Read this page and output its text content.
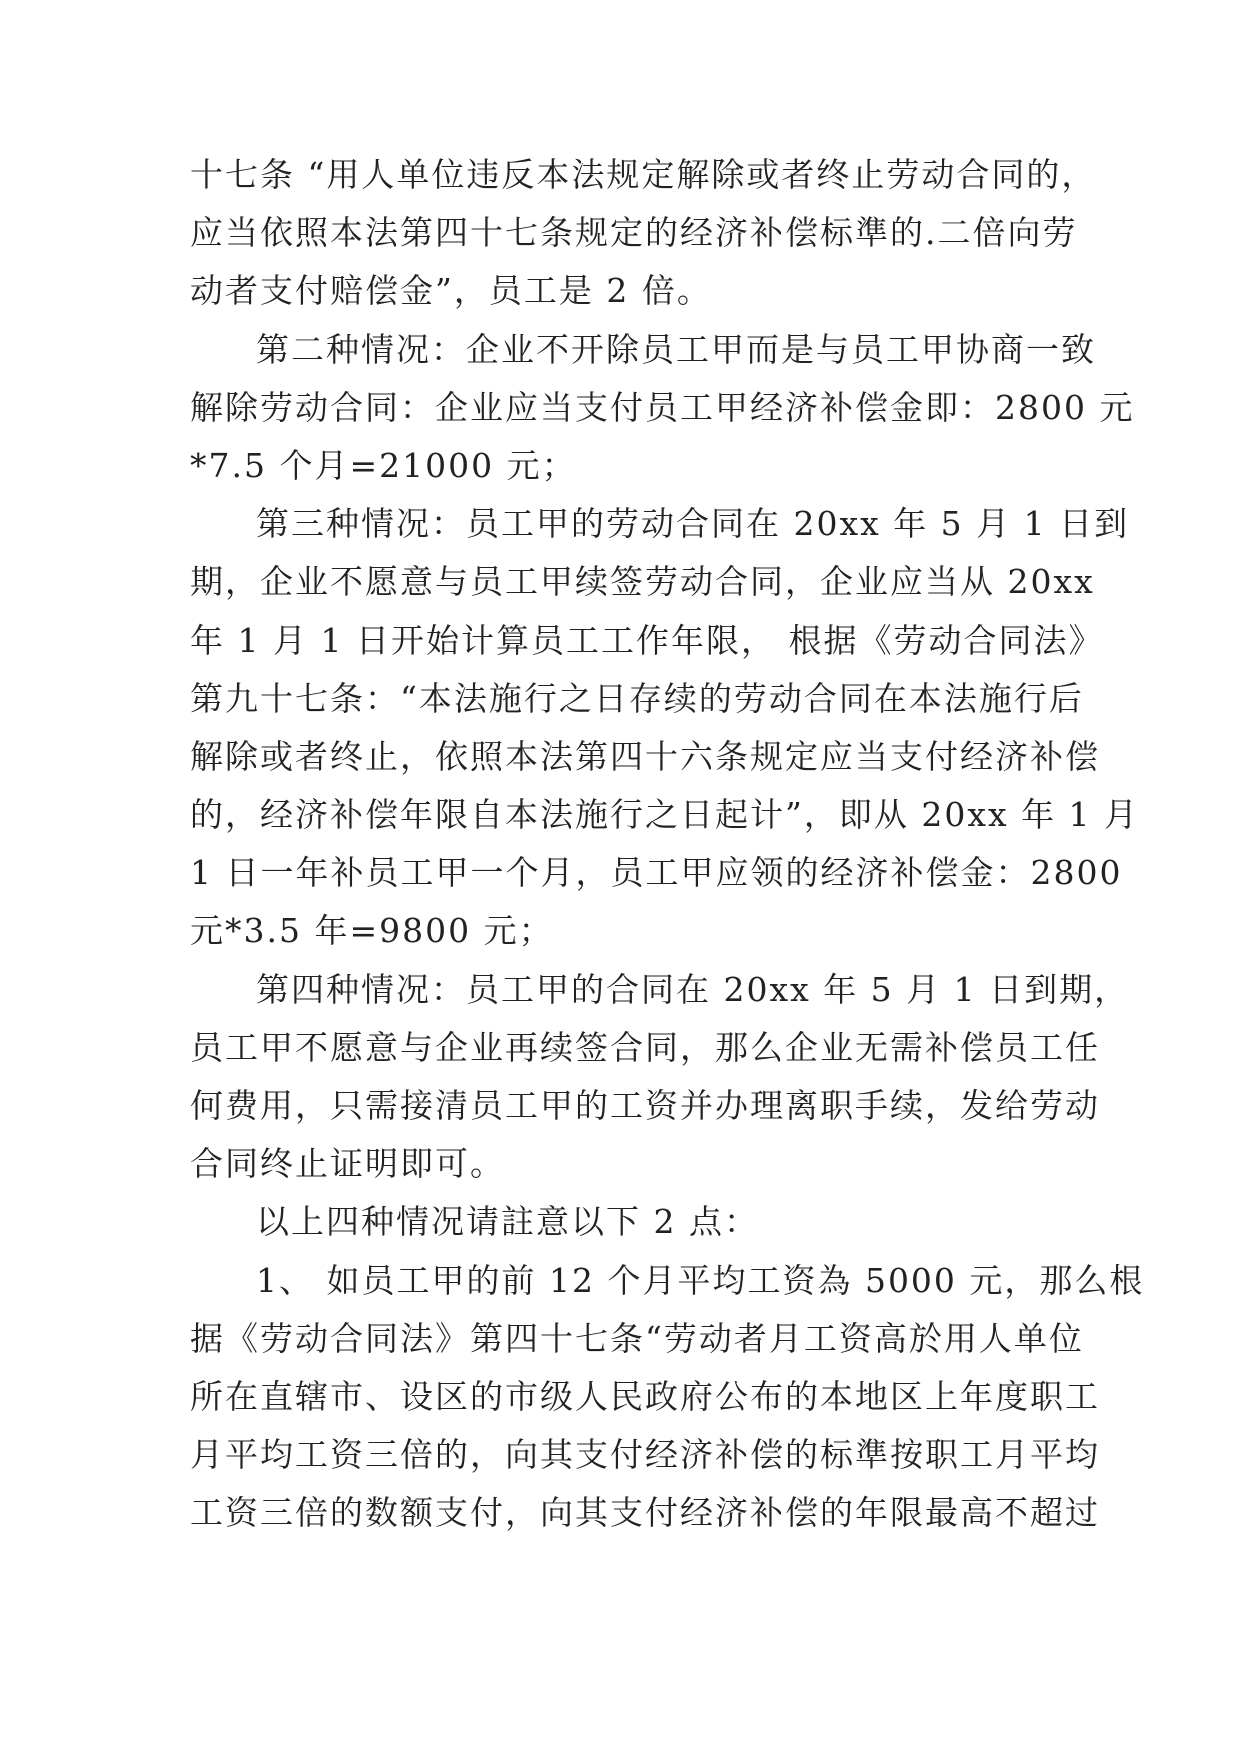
十七条 “用人单位违反本法规定解除或者终止劳动合同的，
应当依照本法第四十七条规定的经济补偿标準的.二倍向劳
动者支付赔偿金”，员工是 2 倍。
第二种情况：企业不开除员工甲而是与员工甲协商一致
解除劳动合同：企业应当支付员工甲经济补偿金即：2800 元
*7.5 个月=21000 元；
第三种情况：员工甲的劳动合同在 20xx 年 5 月 1 日到
期，企业不愿意与员工甲续签劳动合同，企业应当从 20xx
年 1 月 1 日开始计算员工工作年限， 根据《劳动合同法》
第九十七条：“本法施行之日存续的劳动合同在本法施行后
解除或者终止，依照本法第四十六条规定应当支付经济补偿
的，经济补偿年限自本法施行之日起计”，即从 20xx 年 1 月
1 日一年补员工甲一个月，员工甲应领的经济补偿金：2800
元*3.5 年=9800 元；
第四种情况：员工甲的合同在 20xx 年 5 月 1 日到期，
员工甲不愿意与企业再续签合同，那么企业无需补偿员工任
何费用，只需接清员工甲的工资并办理离职手续，发给劳动
合同终止证明即可。
以上四种情况请註意以下 2 点：
1、 如员工甲的前 12 个月平均工资為 5000 元，那么根
据《劳动合同法》第四十七条“劳动者月工资高於用人单位
所在直辖市、设区的市级人民政府公布的本地区上年度职工
月平均工资三倍的，向其支付经济补偿的标準按职工月平均
工资三倍的数额支付，向其支付经济补偿的年限最高不超过
